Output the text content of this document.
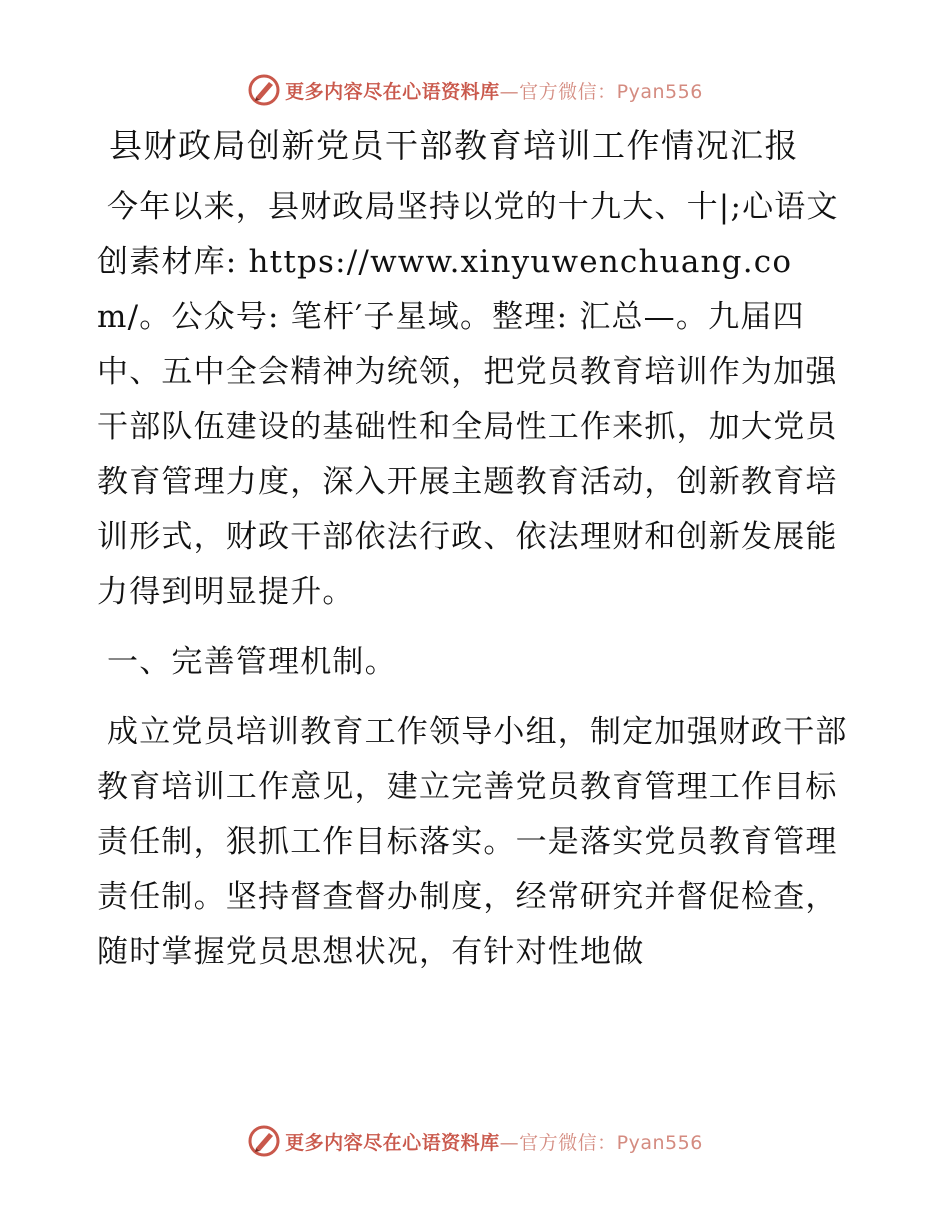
更多内容尽在心语资料库—官方微信：Pyan556
县财政局创新党员干部教育培训工作情况汇报

今年以来，县财政局坚持以党的十九大、十|;心语文创素材库: https://www.xinyuwenchuang.com/。公众号: 笔杆′子星域。整理: 汇总—。九届四中、五中全会精神为统领，把党员教育培训作为加强干部队伍建设的基础性和全局性工作来抓，加大党员教育管理力度，深入开展主题教育活动，创新教育培训形式，财政干部依法行政、依法理财和创新发展能力得到明显提升。

一、完善管理机制。

成立党员培训教育工作领导小组，制定加强财政干部教育培训工作意见，建立完善党员教育管理工作目标责任制，狠抓工作目标落实。一是落实党员教育管理责任制。坚持督查督办制度，经常研究并督促检查，随时掌握党员思想状况，有针对性地做

更多内容尽在心语资料库—官方微信：Pyan556
